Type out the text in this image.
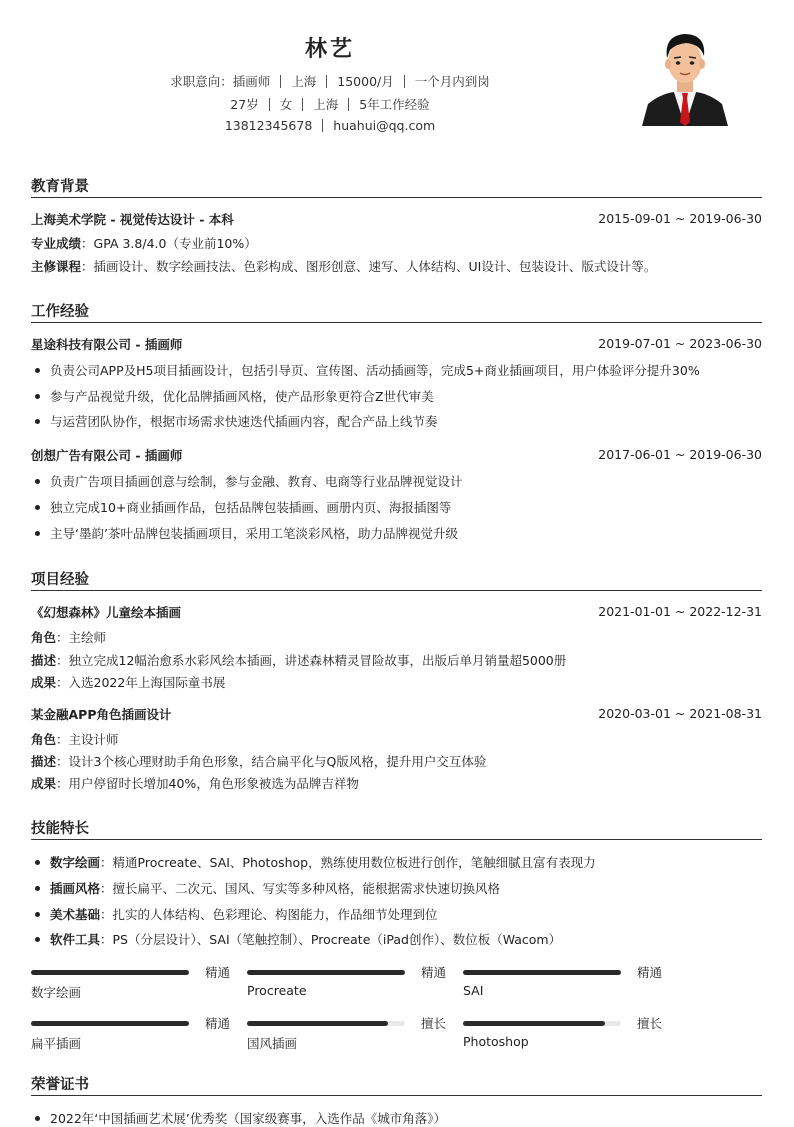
林艺
求职意向：插画师 上海 15000/月 一个月内到岗
27岁 女 上海 5年工作经验
13812345678 huahui@qq.com
教育背景
上海美术学院 - 视觉传达设计 - 本科	2015-09-01 ~ 2019-06-30
专业成绩：GPA 3.8/4.0（专业前10%）
主修课程：插画设计、数字绘画技法、色彩构成、图形创意、速写、人体结构、UI设计、包装设计、版式设计等。
工作经验
星途科技有限公司 - 插画师	2019-07-01 ~ 2023-06-30
负责公司APP及H5项目插画设计，包括引导页、宣传图、活动插画等，完成5+商业插画项目，用户体验评分提升30%
参与产品视觉升级，优化品牌插画风格，使产品形象更符合Z世代审美
与运营团队协作，根据市场需求快速迭代插画内容，配合产品上线节奏
创想广告有限公司 - 插画师	2017-06-01 ~ 2019-06-30
负责广告项目插画创意与绘制，参与金融、教育、电商等行业品牌视觉设计
独立完成10+商业插画作品，包括品牌包装插画、画册内页、海报插图等
主导‘墨韵’茶叶品牌包装插画项目，采用工笔淡彩风格，助力品牌视觉升级
项目经验
《幻想森林》儿童绘本插画	2021-01-01 ~ 2022-12-31
角色：主绘师
描述：独立完成12幅治愈系水彩风绘本插画，讲述森林精灵冒险故事，出版后单月销量超5000册
成果：入选2022年上海国际童书展
某金融APP角色插画设计	2020-03-01 ~ 2021-08-31
角色：主设计师
描述：设计3个核心理财助手角色形象，结合扁平化与Q版风格，提升用户交互体验
成果：用户停留时长增加40%，角色形象被选为品牌吉祥物
技能特长
数字绘画：精通Procreate、SAI、Photoshop，熟练使用数位板进行创作，笔触细腻且富有表现力
插画风格：擅长扁平、二次元、国风、写实等多种风格，能根据需求快速切换风格
美术基础：扎实的人体结构、色彩理论、构图能力，作品细节处理到位
软件工具：PS（分层设计）、SAI（笔触控制）、Procreate（iPad创作）、数位板（Wacom）
精通
数字绘画
精通
Procreate
精通
SAI
精通
扁平插画
擅长
国风插画
擅长
Photoshop
荣誉证书
2022年‘中国插画艺术展’优秀奖（国家级赛事，入选作品《城市角落》）
